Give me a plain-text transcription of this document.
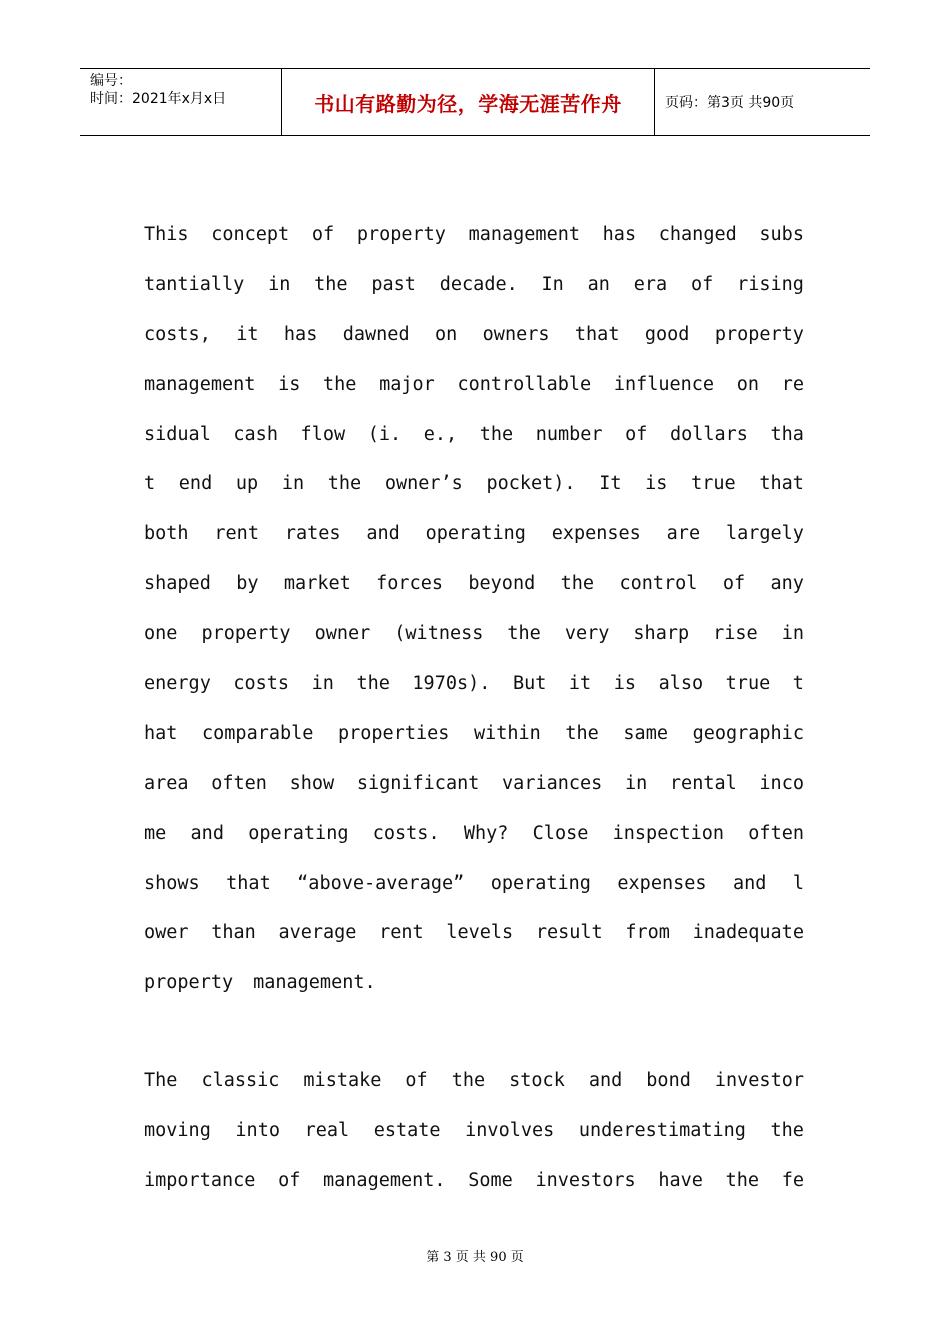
编号：
时间：2021年x月x日	书山有路勤为径，学海无涯苦作舟	页码：第3页 共90页
This concept of property management has changed subs
tantially in the past decade. In an era of rising
costs, it has dawned on owners that good property
management is the major controllable influence on re
sidual cash flow (i. e., the number of dollars tha
t end up in the owner’s pocket). It is true that
both rent rates and operating expenses are largely
shaped by market forces beyond the control of any
one property owner (witness the very sharp rise in
energy costs in the 1970s). But it is also true t
hat comparable properties within the same geographic
area often show significant variances in rental inco
me and operating costs. Why? Close inspection often
shows that “above-average” operating expenses and l
ower than average rent levels result from inadequate
property management.
The classic mistake of the stock and bond investor
moving into real estate involves underestimating the
importance of management. Some investors have the fe
第 3 页 共 90 页
